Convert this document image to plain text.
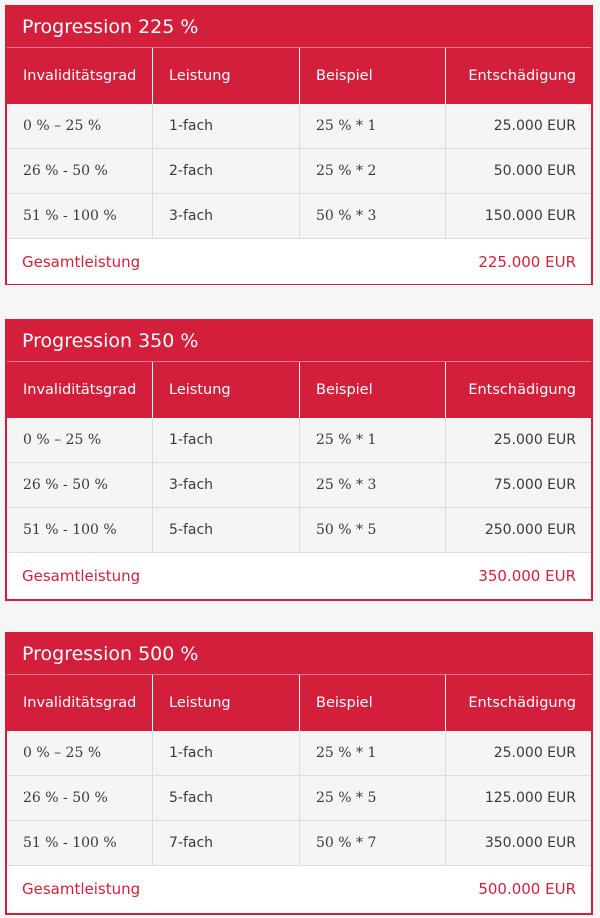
Progression 225 %
Invaliditätsgrad	Leistung	Beispiel	Entschädigung
0 % – 25 %	1-fach	25 % * 1	25.000 EUR
26 % - 50 %	2-fach	25 % * 2	50.000 EUR
51 % - 100 %	3-fach	50 % * 3	150.000 EUR
Gesamtleistung	225.000 EUR
Progression 350 %
Invaliditätsgrad	Leistung	Beispiel	Entschädigung
0 % – 25 %	1-fach	25 % * 1	25.000 EUR
26 % - 50 %	3-fach	25 % * 3	75.000 EUR
51 % - 100 %	5-fach	50 % * 5	250.000 EUR
Gesamtleistung	350.000 EUR
Progression 500 %
Invaliditätsgrad	Leistung	Beispiel	Entschädigung
0 % – 25 %	1-fach	25 % * 1	25.000 EUR
26 % - 50 %	5-fach	25 % * 5	125.000 EUR
51 % - 100 %	7-fach	50 % * 7	350.000 EUR
Gesamtleistung	500.000 EUR
